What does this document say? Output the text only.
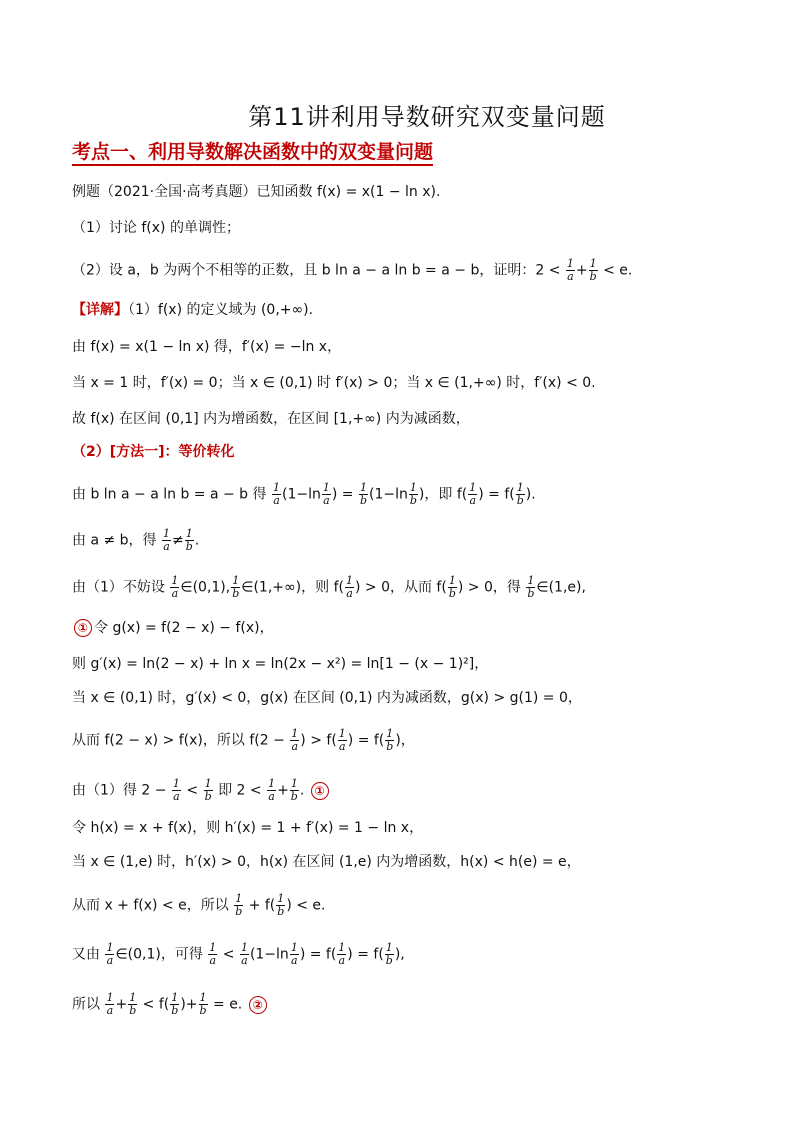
第11讲利用导数研究双变量问题
考点一、利用导数解决函数中的双变量问题
例题（2021·全国·高考真题）已知函数 f(x) = x(1 − ln x).
（1）讨论 f(x) 的单调性；
（2）设 a，b 为两个不相等的正数，且 b ln a − a ln b = a − b，证明：$2 < \frac{1}{a} + \frac{1}{b} < e$.
【详解】（1）f(x) 的定义域为 (0,+∞).
由 f(x) = x(1 − ln x) 得，f′(x) = −ln x，
当 x = 1 时，f′(x) = 0；当 x ∈ (0,1) 时 f′(x) > 0；当 x ∈ (1,+∞) 时，f′(x) < 0.
故 f(x) 在区间 (0,1] 内为增函数，在区间 [1,+∞) 内为减函数，
（2）[方法一]：等价转化
由 b ln a − a ln b = a − b 得 $\frac{1}{a} (1-\ln \frac{1}{a}$ ) = $\frac{1}{b} (1-\ln \frac{1}{b}$ )，即 $f( \frac{1}{a}$ ) = $f( \frac{1}{b}$ ).
由 a ≠ b，得 $\frac{1}{a} \ne \frac{1}{b}$ .
由（1）不妨设 $\frac{1}{a}$ ∈(0,1), $\frac{1}{b}$ ∈(1,+∞)，则 $f( \frac{1}{a}$ ) > 0，从而 $f( \frac{1}{b}$ ) > 0，得 $\frac{1}{b}$ ∈(1,e),
① 令 g(x) = f(2 − x) − f(x)，
则 g′(x) = ln(2 − x) + ln x = ln(2x − x²) = ln[1 − (x − 1)²]，
当 x ∈ (0,1) 时，g′(x) < 0，g(x) 在区间 (0,1) 内为减函数，g(x) > g(1) = 0，
从而 f(2 − x) > f(x)，所以 $f(2 - \frac{1}{a}$ ) > $f( \frac{1}{a}$ ) = $f( \frac{1}{b}$ )，
由（1）得 $2 - \frac{1}{a} < \frac{1}{b}$ 即 $2 < \frac{1}{a} + \frac{1}{b}$ . ①
令 h(x) = x + f(x)，则 h′(x) = 1 + f′(x) = 1 − ln x，
当 x ∈ (1,e) 时，h′(x) > 0，h(x) 在区间 (1,e) 内为增函数，h(x) < h(e) = e，
从而 x + f(x) < e，所以 $\frac{1}{b} + f( \frac{1}{b}$ ) < e.
又由 $\frac{1}{a}$ ∈(0,1)，可得 $\frac{1}{a} < \frac{1}{a} (1-\ln \frac{1}{a}$ ) = $f( \frac{1}{a}$ ) = $f( \frac{1}{b}$ ),
所以 $\frac{1}{a} + \frac{1}{b} < f( \frac{1}{b}$ )+ $\frac{1}{b} = e$. ②
